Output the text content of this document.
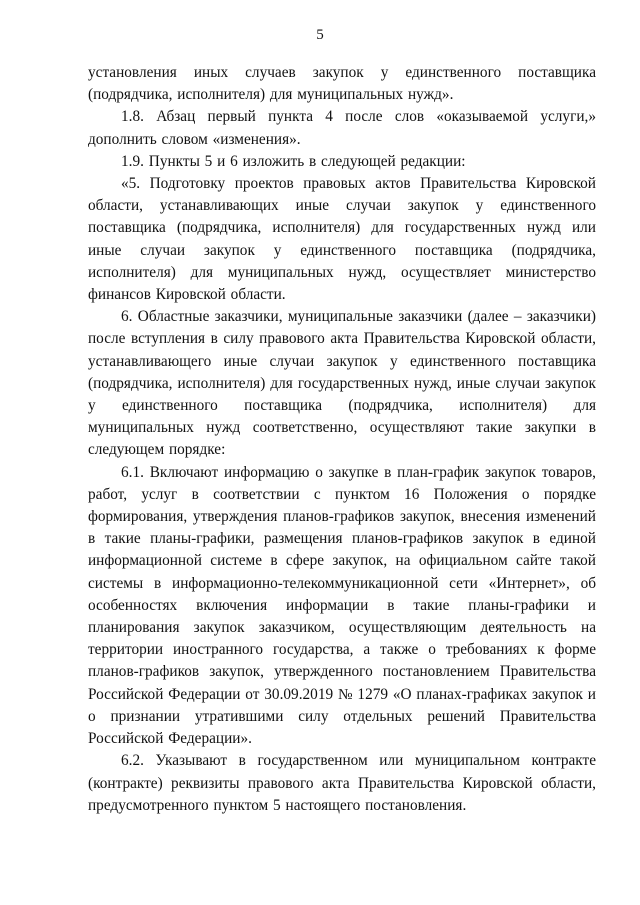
5

установления иных случаев закупок у единственного поставщика (подрядчика, исполнителя) для муниципальных нужд».

1.8. Абзац первый пункта 4 после слов «оказываемой услуги,» дополнить словом «изменения».

1.9. Пункты 5 и 6 изложить в следующей редакции:

«5. Подготовку проектов правовых актов Правительства Кировской области, устанавливающих иные случаи закупок у единственного поставщика (подрядчика, исполнителя) для государственных нужд или иные случаи закупок у единственного поставщика (подрядчика, исполнителя) для муниципальных нужд, осуществляет министерство финансов Кировской области.

6. Областные заказчики, муниципальные заказчики (далее – заказчики) после вступления в силу правового акта Правительства Кировской области, устанавливающего иные случаи закупок у единственного поставщика (подрядчика, исполнителя) для государственных нужд, иные случаи закупок у единственного поставщика (подрядчика, исполнителя) для муниципальных нужд соответственно, осуществляют такие закупки в следующем порядке:

6.1. Включают информацию о закупке в план-график закупок товаров, работ, услуг в соответствии с пунктом 16 Положения о порядке формирования, утверждения планов-графиков закупок, внесения изменений в такие планы-графики, размещения планов-графиков закупок в единой информационной системе в сфере закупок, на официальном сайте такой системы в информационно-телекоммуникационной сети «Интернет», об особенностях включения информации в такие планы-графики и планирования закупок заказчиком, осуществляющим деятельность на территории иностранного государства, а также о требованиях к форме планов-графиков закупок, утвержденного постановлением Правительства Российской Федерации от 30.09.2019 № 1279 «О планах-графиках закупок и о признании утратившими силу отдельных решений Правительства Российской Федерации».

6.2. Указывают в государственном или муниципальном контракте (контракте) реквизиты правового акта Правительства Кировской области, предусмотренного пунктом 5 настоящего постановления.
